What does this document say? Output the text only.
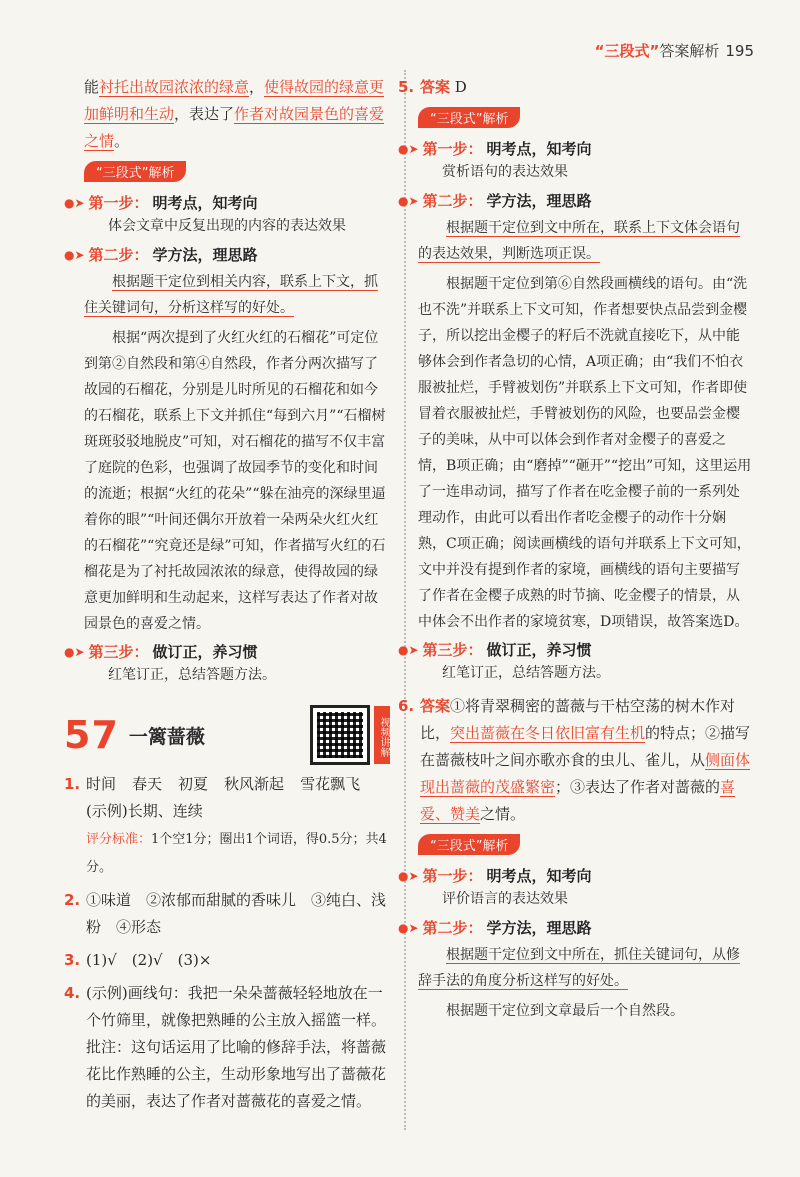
“三段式”答案解析 195

能衬托出故园浓浓的绿意，使得故园的绿意更加鲜明和生动，表达了作者对故园景色的喜爱之情。

“三段式”解析
●➤ 第一步： 明考点，知考向

体会文章中反复出现的内容的表达效果

●➤ 第二步： 学方法，理思路

根据题干定位到相关内容，联系上下文，抓住关键词句，分析这样写的好处。

根据“两次提到了火红火红的石榴花”可定位到第②自然段和第④自然段，作者分两次描写了故园的石榴花，分别是儿时所见的石榴花和如今的石榴花，联系上下文并抓住“每到六月”“石榴树斑斑驳驳地脱皮”可知，对石榴花的描写不仅丰富了庭院的色彩，也强调了故园季节的变化和时间的流逝；根据“火红的花朵”“躲在油亮的深绿里逼着你的眼”“叶间还偶尔开放着一朵两朵火红火红的石榴花”“究竟还是绿”可知，作者描写火红的石榴花是为了衬托故园浓浓的绿意，使得故园的绿意更加鲜明和生动起来，这样写表达了作者对故园景色的喜爱之情。

●➤ 第三步： 做订正，养习惯

红笔订正，总结答题方法。

57 一篱蔷薇	视频讲解
1. 时间 春天 初夏 秋风渐起 雪花飘飞
(示例)长期、连续
评分标准：1个空1分；圈出1个词语，得0.5分；共4分。
2. ①味道　②浓郁而甜腻的香味儿　③纯白、浅粉　④形态
3. (1)√　(2)√　(3)×
4. (示例)画线句：我把一朵朵蔷薇轻轻地放在一个竹筛里，就像把熟睡的公主放入摇篮一样。
批注：这句话运用了比喻的修辞手法，将蔷薇花比作熟睡的公主，生动形象地写出了蔷薇花的美丽，表达了作者对蔷薇花的喜爱之情。
5. 答案 D
“三段式”解析
●➤ 第一步： 明考点，知考向

赏析语句的表达效果

●➤ 第二步： 学方法，理思路

根据题干定位到文中所在，联系上下文体会语句的表达效果，判断选项正误。

根据题干定位到第⑥自然段画横线的语句。由“洗也不洗”并联系上下文可知，作者想要快点品尝到金樱子，所以挖出金樱子的籽后不洗就直接吃下，从中能够体会到作者急切的心情，A项正确；由“我们不怕衣服被扯烂，手臂被划伤”并联系上下文可知，作者即使冒着衣服被扯烂，手臂被划伤的风险，也要品尝金樱子的美味，从中可以体会到作者对金樱子的喜爱之情，B项正确；由“磨掉”“砸开”“挖出”可知，这里运用了一连串动词，描写了作者在吃金樱子前的一系列处理动作，由此可以看出作者吃金樱子的动作十分娴熟，C项正确；阅读画横线的语句并联系上下文可知，文中并没有提到作者的家境，画横线的语句主要描写了作者在金樱子成熟的时节摘、吃金樱子的情景，从中体会不出作者的家境贫寒，D项错误，故答案选D。

●➤ 第三步： 做订正，养习惯

红笔订正，总结答题方法。

6. 答案①将青翠稠密的蔷薇与干枯空荡的树木作对比，突出蔷薇在冬日依旧富有生机的特点；②描写在蔷薇枝叶之间亦歌亦食的虫儿、雀儿，从侧面体现出蔷薇的茂盛繁密；③表达了作者对蔷薇的喜爱、赞美之情。
“三段式”解析
●➤ 第一步： 明考点，知考向

评价语言的表达效果

●➤ 第二步： 学方法，理思路

根据题干定位到文中所在，抓住关键词句，从修辞手法的角度分析这样写的好处。

根据题干定位到文章最后一个自然段。
